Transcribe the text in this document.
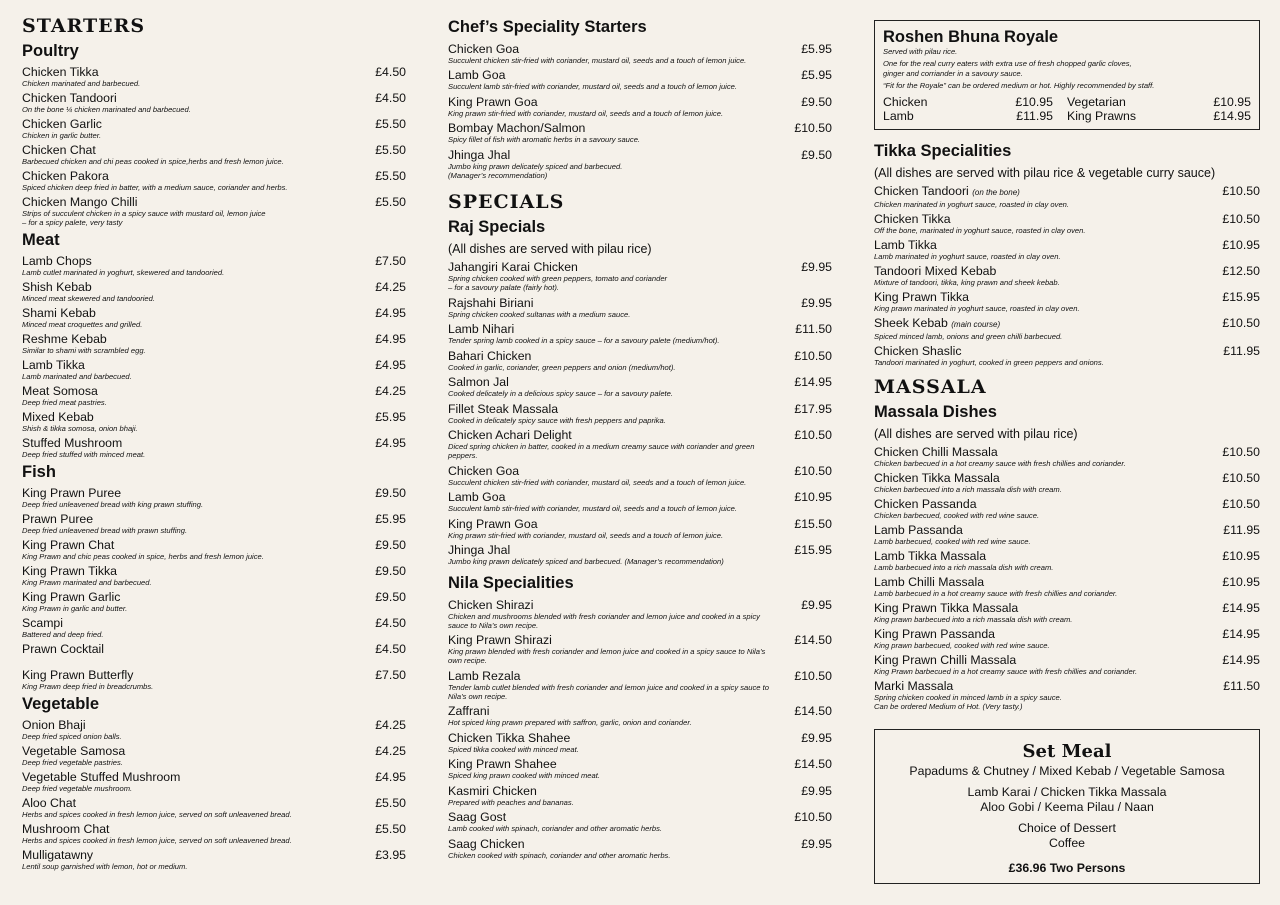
STARTERS
Poultry
Chicken Tikka	£4.50
Chicken marinated and barbecued.
Chicken Tandoori	£4.50
On the bone ¼ chicken marinated and barbecued.
Chicken Garlic	£5.50
Chicken in garlic butter.
Chicken Chat	£5.50
Barbecued chicken and chi peas cooked in spice,herbs and fresh lemon juice.
Chicken Pakora	£5.50
Spiced chicken deep fried in batter, with a medium sauce, coriander and herbs.
Chicken Mango Chilli	£5.50
Strips of succulent chicken in a spicy sauce with mustard oil, lemon juice
– for a spicy palete, very tasty
Meat
Lamb Chops	£7.50
Lamb cutlet marinated in yoghurt, skewered and tandooried.
Shish Kebab	£4.25
Minced meat skewered and tandooried.
Shami Kebab	£4.95
Minced meat croquettes and grilled.
Reshme Kebab	£4.95
Similar to shami with scrambled egg.
Lamb Tikka	£4.95
Lamb marinated and barbecued.
Meat Somosa	£4.25
Deep fried meat pastries.
Mixed Kebab	£5.95
Shish & tikka somosa, onion bhaji.
Stuffed Mushroom	£4.95
Deep fried stuffed with minced meat.
Fish
King Prawn Puree	£9.50
Deep fried unleavened bread with king prawn stuffing.
Prawn Puree	£5.95
Deep fried unleavened bread with prawn stuffing.
King Prawn Chat	£9.50
King Prawn and chic peas cooked in spice, herbs and fresh lemon juice.
King Prawn Tikka	£9.50
King Prawn marinated and barbecued.
King Prawn Garlic	£9.50
King Prawn in garlic and butter.
Scampi	£4.50
Battered and deep fried.
Prawn Cocktail	£4.50
King Prawn Butterfly	£7.50
King Prawn deep fried in breadcrumbs.
Vegetable
Onion Bhaji	£4.25
Deep fried spiced onion balls.
Vegetable Samosa	£4.25
Deep fried vegetable pastries.
Vegetable Stuffed Mushroom	£4.95
Deep fried vegetable mushroom.
Aloo Chat	£5.50
Herbs and spices cooked in fresh lemon juice, served on soft unleavened bread.
Mushroom Chat	£5.50
Herbs and spices cooked in fresh lemon juice, served on soft unleavened bread.
Mulligatawny	£3.95
Lentil soup garnished with lemon, hot or medium.
Chef’s Speciality Starters
Chicken Goa	£5.95
Succulent chicken stir-fried with coriander, mustard oil, seeds and a touch of lemon juice.
Lamb Goa	£5.95
Succulent lamb stir-fried with coriander, mustard oil, seeds and a touch of lemon juice.
King Prawn Goa	£9.50
King prawn stir-fried with coriander, mustard oil, seeds and a touch of lemon juice.
Bombay Machon/Salmon	£10.50
Spicy fillet of fish with aromatic herbs in a savoury sauce.
Jhinga Jhal	£9.50
Jumbo king prawn delicately spiced and barbecued.
(Manager’s recommendation)
SPECIALS
Raj Specials
(All dishes are served with pilau rice)
Jahangiri Karai Chicken	£9.95
Spring chicken cooked with green peppers, tomato and coriander
– for a savoury palate (fairly hot).
Rajshahi Biriani	£9.95
Spring chicken cooked sultanas with a medium sauce.
Lamb Nihari	£11.50
Tender spring lamb cooked in a spicy sauce – for a savoury palete (medium/hot).
Bahari Chicken	£10.50
Cooked in garlic, coriander, green peppers and onion (medium/hot).
Salmon Jal	£14.95
Cooked delicately in a delicious spicy sauce – for a savoury palete.
Fillet Steak Massala	£17.95
Cooked in delicately spicy sauce with fresh peppers and paprika.
Chicken Achari Delight	£10.50
Diced spring chicken in batter, cooked in a medium creamy sauce with coriander and green
peppers.
Chicken Goa	£10.50
Succulent chicken stir-fried with coriander, mustard oil, seeds and a touch of lemon juice.
Lamb Goa	£10.95
Succulent lamb stir-fried with coriander, mustard oil, seeds and a touch of lemon juice.
King Prawn Goa	£15.50
King prawn stir-fried with coriander, mustard oil, seeds and a touch of lemon juice.
Jhinga Jhal	£15.95
Jumbo king prawn delicately spiced and barbecued. (Manager’s recommendation)
Nila Specialities
Chicken Shirazi	£9.95
Chicken and mushrooms blended with fresh coriander and lemon juice and cooked in a spicy
sauce to Nila’s own recipe.
King Prawn Shirazi	£14.50
King prawn blended with fresh coriander and lemon juice and cooked in a spicy sauce to Nila’s
own recipe.
Lamb Rezala	£10.50
Tender lamb cutlet blended with fresh coriander and lemon juice and cooked in a spicy sauce to
Nila’s own recipe.
Zaffrani	£14.50
Hot spiced king prawn prepared with saffron, garlic, onion and coriander.
Chicken Tikka Shahee	£9.95
Spiced tikka cooked with minced meat.
King Prawn Shahee	£14.50
Spiced king prawn cooked with minced meat.
Kasmiri Chicken	£9.95
Prepared with peaches and bananas.
Saag Gost	£10.50
Lamb cooked with spinach, coriander and other aromatic herbs.
Saag Chicken	£9.95
Chicken cooked with spinach, coriander and other aromatic herbs.
Roshen Bhuna Royale
Served with pilau rice.
One for the real curry eaters with extra use of fresh chopped garlic cloves,
ginger and corriander in a savoury sauce.
“Fit for the Royale” can be ordered medium or hot. Highly recommended by staff.
Chicken	£10.95	Vegetarian	£10.95
Lamb	£11.95	King Prawns	£14.95
Tikka Specialities
(All dishes are served with pilau rice & vegetable curry sauce)
Chicken Tandoori (on the bone)	£10.50
Chicken marinated in yoghurt sauce, roasted in clay oven.
Chicken Tikka	£10.50
Off the bone, marinated in yoghurt sauce, roasted in clay oven.
Lamb Tikka	£10.95
Lamb marinated in yoghurt sauce, roasted in clay oven.
Tandoori Mixed Kebab	£12.50
Mixture of tandoori, tikka, king prawn and sheek kebab.
King Prawn Tikka	£15.95
King prawn marinated in yoghurt sauce, roasted in clay oven.
Sheek Kebab (main course)	£10.50
Spiced minced lamb, onions and green chilli barbecued.
Chicken Shaslic	£11.95
Tandoori marinated in yoghurt, cooked in green peppers and onions.
MASSALA
Massala Dishes
(All dishes are served with pilau rice)
Chicken Chilli Massala	£10.50
Chicken barbecued in a hot creamy sauce with fresh chillies and coriander.
Chicken Tikka Massala	£10.50
Chicken barbecued into a rich massala dish with cream.
Chicken Passanda	£10.50
Chicken barbecued, cooked with red wine sauce.
Lamb Passanda	£11.95
Lamb barbecued, cooked with red wine sauce.
Lamb Tikka Massala	£10.95
Lamb barbecued into a rich massala dish with cream.
Lamb Chilli Massala	£10.95
Lamb barbecued in a hot creamy sauce with fresh chillies and coriander.
King Prawn Tikka Massala	£14.95
King prawn barbecued into a rich massala dish with cream.
King Prawn Passanda	£14.95
King prawn barbecued, cooked with red wine sauce.
King Prawn Chilli Massala	£14.95
King Prawn barbecued in a hot creamy sauce with fresh chillies and coriander.
Marki Massala	£11.50
Spring chicken cooked in minced lamb in a spicy sauce.
Can be ordered Medium of Hot. (Very tasty.)
Set Meal
Papadums & Chutney / Mixed Kebab / Vegetable Samosa
Lamb Karai / Chicken Tikka Massala
Aloo Gobi / Keema Pilau / Naan
Choice of Dessert
Coffee
£36.96 Two Persons
